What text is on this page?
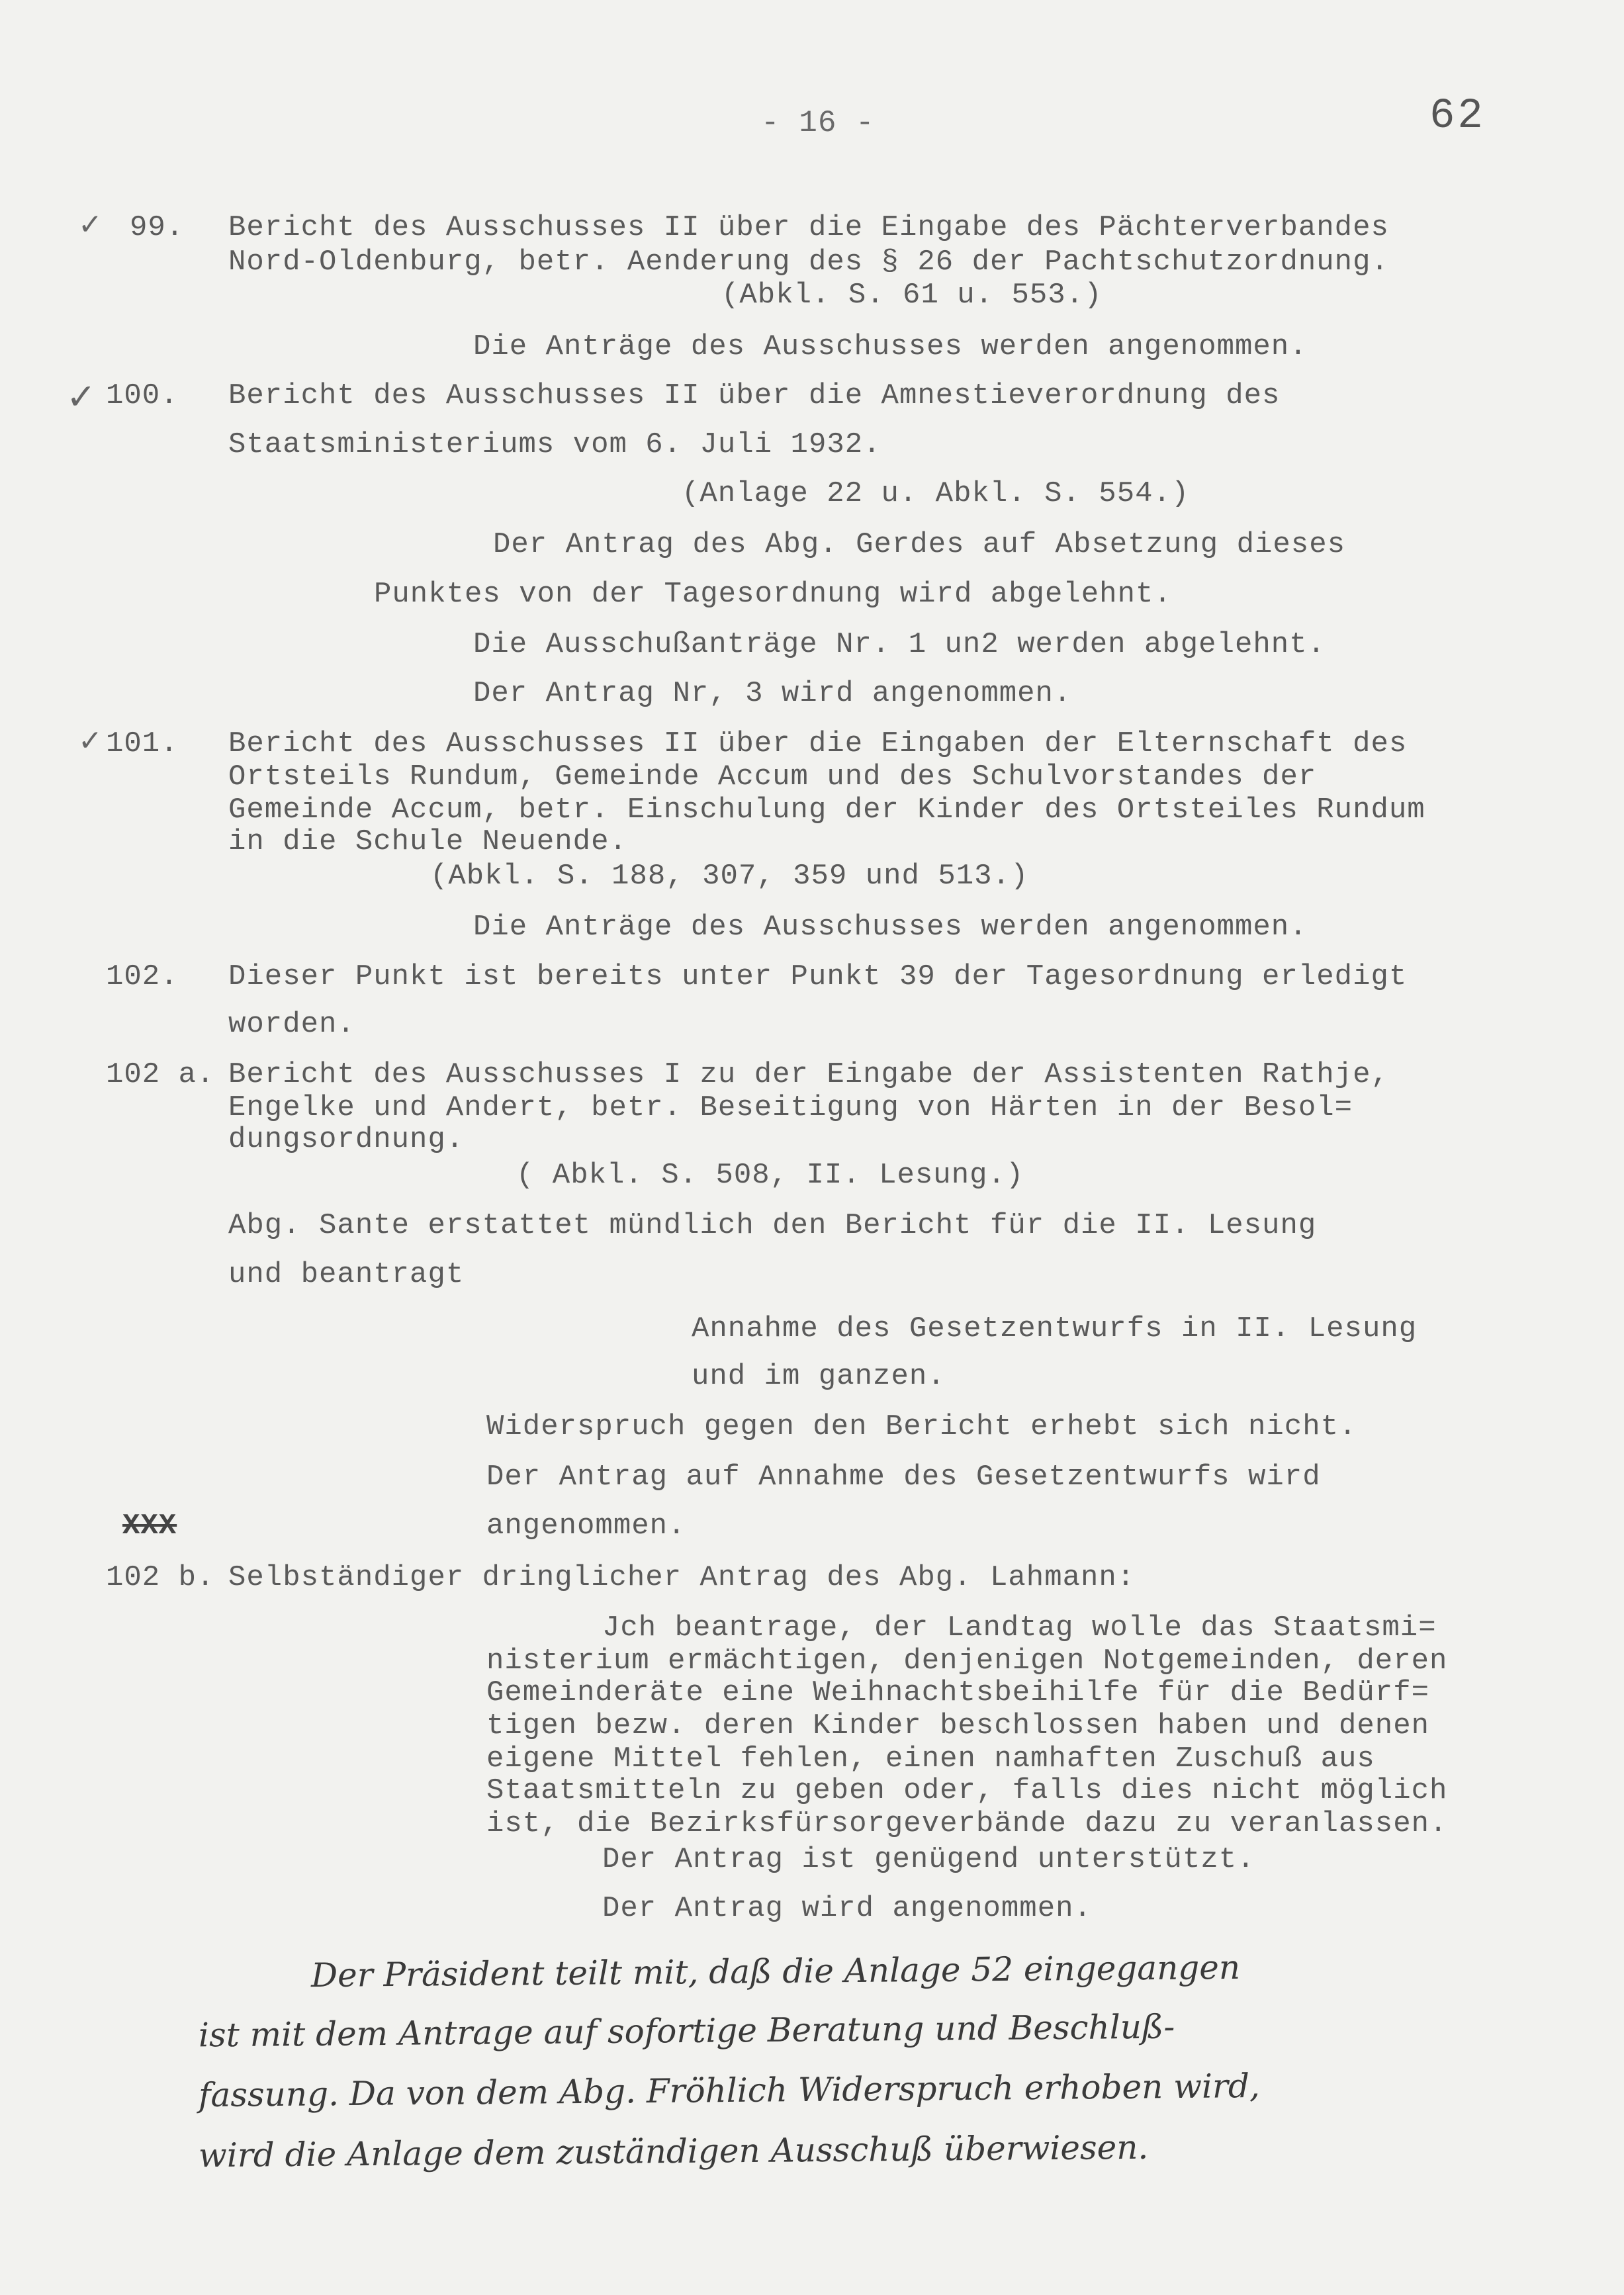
- 16 -	62
✓ 99. Bericht des Ausschusses II über die Eingabe des Pächterverbandes
Nord-Oldenburg, betr. Aenderung des § 26 der Pachtschutzordnung.
(Abkl. S. 61 u. 553.)
Die Anträge des Ausschusses werden angenommen.
✓ 100. Bericht des Ausschusses II über die Amnestieverordnung des
Staatsministeriums vom 6. Juli 1932.
(Anlage 22 u. Abkl. S. 554.)
Der Antrag des Abg. Gerdes auf Absetzung dieses
Punktes von der Tagesordnung wird abgelehnt.
Die Ausschußanträge Nr. 1 un2 werden abgelehnt.
Der Antrag Nr, 3 wird angenommen.
✓ 101. Bericht des Ausschusses II über die Eingaben der Elternschaft des
Ortsteils Rundum, Gemeinde Accum und des Schulvorstandes der
Gemeinde Accum, betr. Einschulung der Kinder des Ortsteiles Rundum
in die Schule Neuende.
(Abkl. S. 188, 307, 359 und 513.)
Die Anträge des Ausschusses werden angenommen.
102. Dieser Punkt ist bereits unter Punkt 39 der Tagesordnung erledigt
worden.
102 a. Bericht des Ausschusses I zu der Eingabe der Assistenten Rathje,
Engelke und Andert, betr. Beseitigung von Härten in der Besol=
dungsordnung.
( Abkl. S. 508, II. Lesung.)
Abg. Sante erstattet mündlich den Bericht für die II. Lesung
und beantragt
Annahme des Gesetzentwurfs in II. Lesung
und im ganzen.
Widerspruch gegen den Bericht erhebt sich nicht.
Der Antrag auf Annahme des Gesetzentwurfs wird
angenommen.
XXX
102 b. Selbständiger dringlicher Antrag des Abg. Lahmann:
Jch beantrage, der Landtag wolle das Staatsmi=
nisterium ermächtigen, denjenigen Notgemeinden, deren
Gemeinderäte eine Weihnachtsbeihilfe für die Bedürf=
tigen bezw. deren Kinder beschlossen haben und denen
eigene Mittel fehlen, einen namhaften Zuschuß aus
Staatsmitteln zu geben oder, falls dies nicht möglich
ist, die Bezirksfürsorgeverbände dazu zu veranlassen.
Der Antrag ist genügend unterstützt.
Der Antrag wird angenommen.
Der Präsident teilt mit, daß die Anlage 52 eingegangen
ist mit dem Antrage auf sofortige Beratung und Beschluß-
fassung. Da von dem Abg. Fröhlich Widerspruch erhoben wird,
wird die Anlage dem zuständigen Ausschuß überwiesen.
